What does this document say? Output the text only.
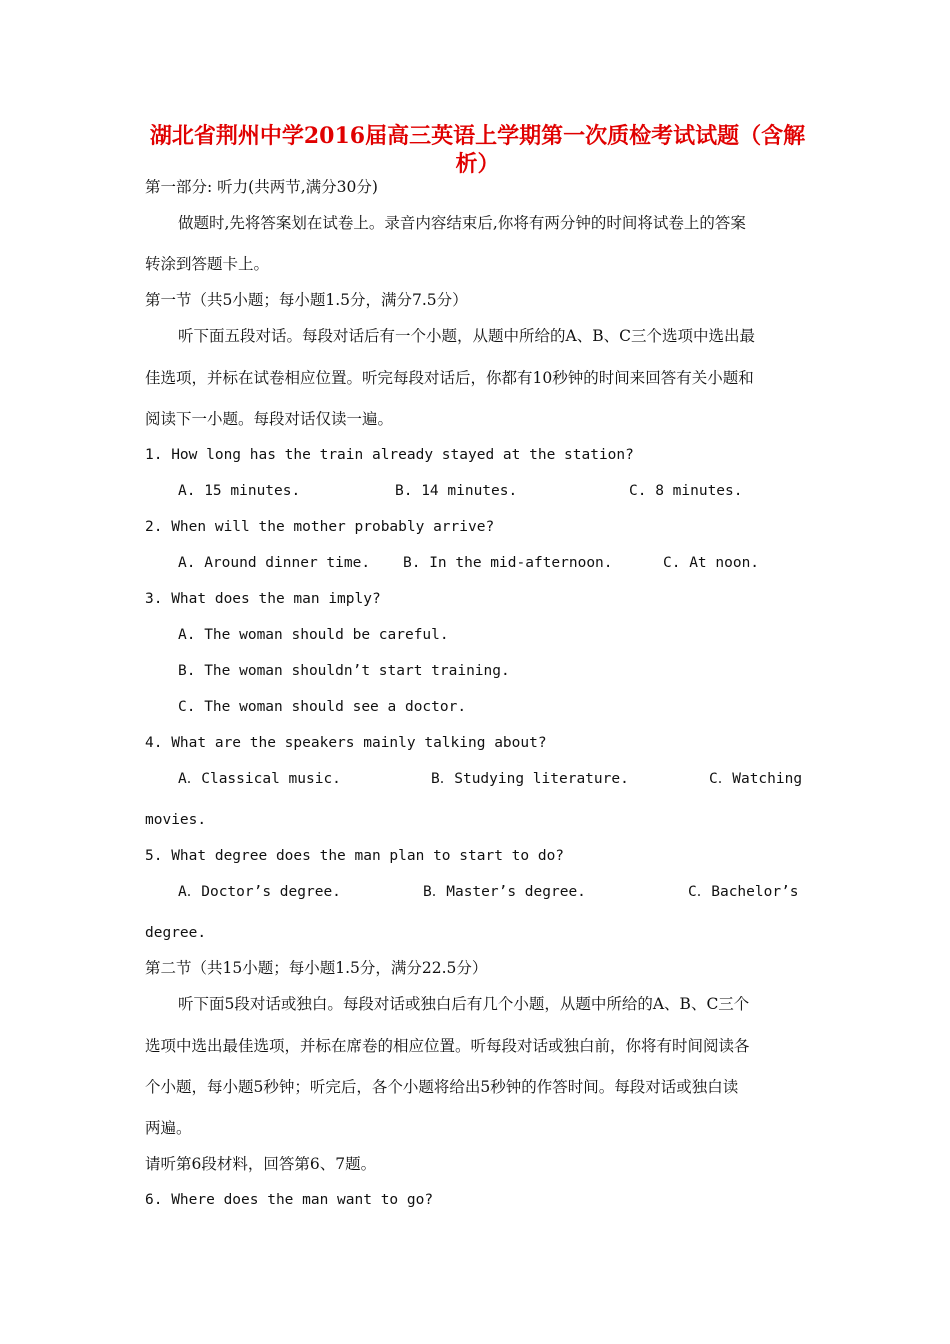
湖北省荆州中学2016届高三英语上学期第一次质检考试试题（含解析）
第一部分: 听力(共两节,满分30分)
做题时,先将答案划在试卷上。录音内容结束后,你将有两分钟的时间将试卷上的答案
转涂到答题卡上。
第一节（共5小题；每小题1.5分，满分7.5分）
听下面五段对话。每段对话后有一个小题，从题中所给的A、B、C三个选项中选出最
佳选项，并标在试卷相应位置。听完每段对话后，你都有10秒钟的时间来回答有关小题和
阅读下一小题。每段对话仅读一遍。
1. How long has the train already stayed at the station?
A. 15 minutes.	B. 14 minutes.	C. 8 minutes.
2. When will the mother probably arrive?
A. Around dinner time. B. In the mid-afternoon.	C. At noon.
3. What does the man imply?
A. The woman should be careful.
B. The woman shouldn’t start training.
C. The woman should see a doctor.
4. What are the speakers mainly talking about?
A．Classical music.	B．Studying literature.	C．Watching
movies.
5. What degree does the man plan to start to do?
A．Doctor’s degree.	B．Master’s degree.	C．Bachelor’s
degree.
第二节（共15小题；每小题1.5分，满分22.5分）
听下面5段对话或独白。每段对话或独白后有几个小题，从题中所给的A、B、C三个
选项中选出最佳选项，并标在席卷的相应位置。听每段对话或独白前，你将有时间阅读各
个小题，每小题5秒钟；听完后，各个小题将给出5秒钟的作答时间。每段对话或独白读
两遍。
请听第6段材料，回答第6、7题。
6. Where does the man want to go?
